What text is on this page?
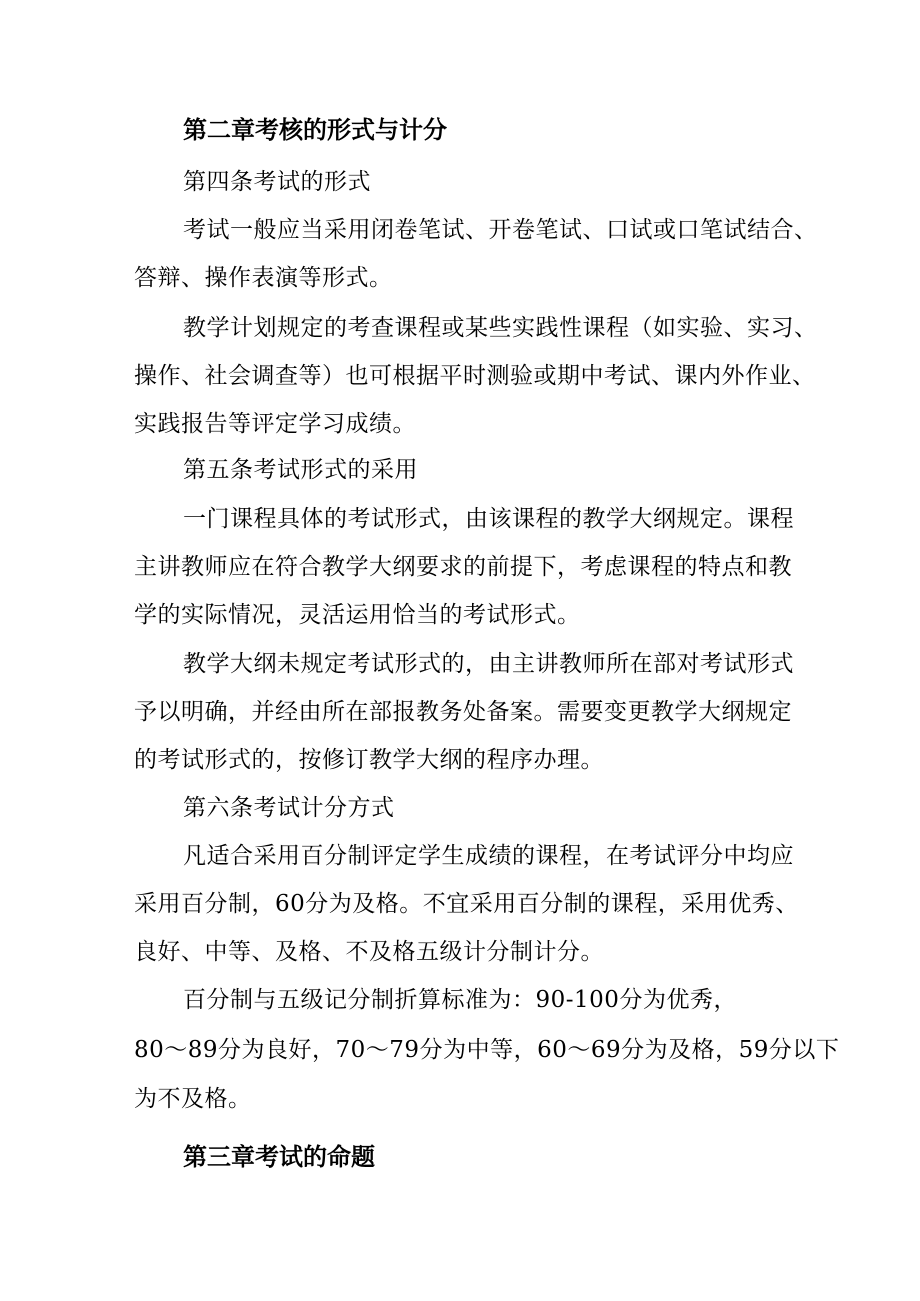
第二章考核的形式与计分
第四条考试的形式
考试一般应当采用闭卷笔试、开卷笔试、口试或口笔试结合、
答辩、操作表演等形式。
教学计划规定的考查课程或某些实践性课程（如实验、实习、
操作、社会调查等）也可根据平时测验或期中考试、课内外作业、
实践报告等评定学习成绩。
第五条考试形式的采用
一门课程具体的考试形式，由该课程的教学大纲规定。课程
主讲教师应在符合教学大纲要求的前提下，考虑课程的特点和教
学的实际情况，灵活运用恰当的考试形式。
教学大纲未规定考试形式的，由主讲教师所在部对考试形式
予以明确，并经由所在部报教务处备案。需要变更教学大纲规定
的考试形式的，按修订教学大纲的程序办理。
第六条考试计分方式
凡适合采用百分制评定学生成绩的课程，在考试评分中均应
采用百分制，60分为及格。不宜采用百分制的课程，采用优秀、
良好、中等、及格、不及格五级计分制计分。
百分制与五级记分制折算标准为：90-100分为优秀，
80～89分为良好，70～79分为中等，60～69分为及格，59分以下
为不及格。
第三章考试的命题
